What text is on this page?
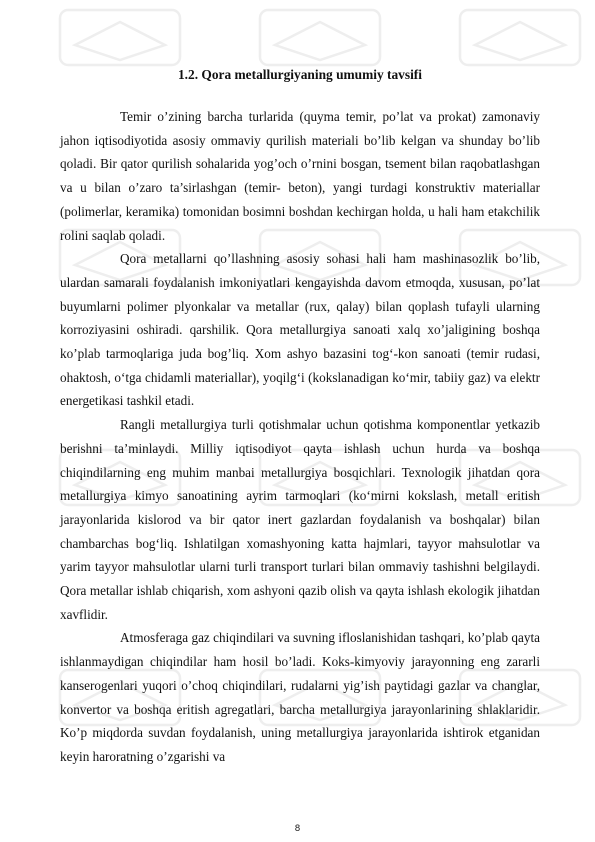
1.2. Qora metallurgiyaning umumiy tavsifi

Temir o’zining barcha turlarida (quyma temir, po’lat va prokat) zamonaviy jahon iqtisodiyotida asosiy ommaviy qurilish materiali bo’lib kelgan va shunday bo’lib qoladi. Bir qator qurilish sohalarida yog’och o’rnini bosgan, tsement bilan raqobatlashgan va u bilan o’zaro ta’sirlashgan (temir- beton), yangi turdagi konstruktiv materiallar (polimerlar, keramika) tomonidan bosimni boshdan kechirgan holda, u hali ham etakchilik rolini saqlab qoladi.

Qora metallarni qo’llashning asosiy sohasi hali ham mashinasozlik bo’lib, ulardan samarali foydalanish imkoniyatlari kengayishda davom etmoqda, xususan, po’lat buyumlarni polimer plyonkalar va metallar (rux, qalay) bilan qoplash tufayli ularning korroziyasini oshiradi. qarshilik. Qora metallurgiya sanoati xalq xo’jaligining boshqa ko’plab tarmoqlariga juda bog’liq. Xom ashyo bazasini tog‘-kon sanoati (temir rudasi, ohaktosh, o‘tga chidamli materiallar), yoqilg‘i (kokslanadigan ko‘mir, tabiiy gaz) va elektr energetikasi tashkil etadi.

Rangli metallurgiya turli qotishmalar uchun qotishma komponentlar yetkazib berishni ta’minlaydi. Milliy iqtisodiyot qayta ishlash uchun hurda va boshqa chiqindilarning eng muhim manbai metallurgiya bosqichlari. Texnologik jihatdan qora metallurgiya kimyo sanoatining ayrim tarmoqlari (ko‘mirni kokslash, metall eritish jarayonlarida kislorod va bir qator inert gazlardan foydalanish va boshqalar) bilan chambarchas bog‘liq. Ishlatilgan xomashyoning katta hajmlari, tayyor mahsulotlar va yarim tayyor mahsulotlar ularni turli transport turlari bilan ommaviy tashishni belgilaydi. Qora metallar ishlab chiqarish, xom ashyoni qazib olish va qayta ishlash ekologik jihatdan xavflidir.

Atmosferaga gaz chiqindilari va suvning ifloslanishidan tashqari, ko’plab qayta ishlanmaydigan chiqindilar ham hosil bo’ladi. Koks-kimyoviy jarayonning eng zararli kanserogenlari yuqori o’choq chiqindilari, rudalarni yig’ish paytidagi gazlar va changlar, konvertor va boshqa eritish agregatlari, barcha metallurgiya jarayonlarining shlaklaridir. Ko’p miqdorda suvdan foydalanish, uning metallurgiya jarayonlarida ishtirok etganidan keyin haroratning o’zgarishi va

8
